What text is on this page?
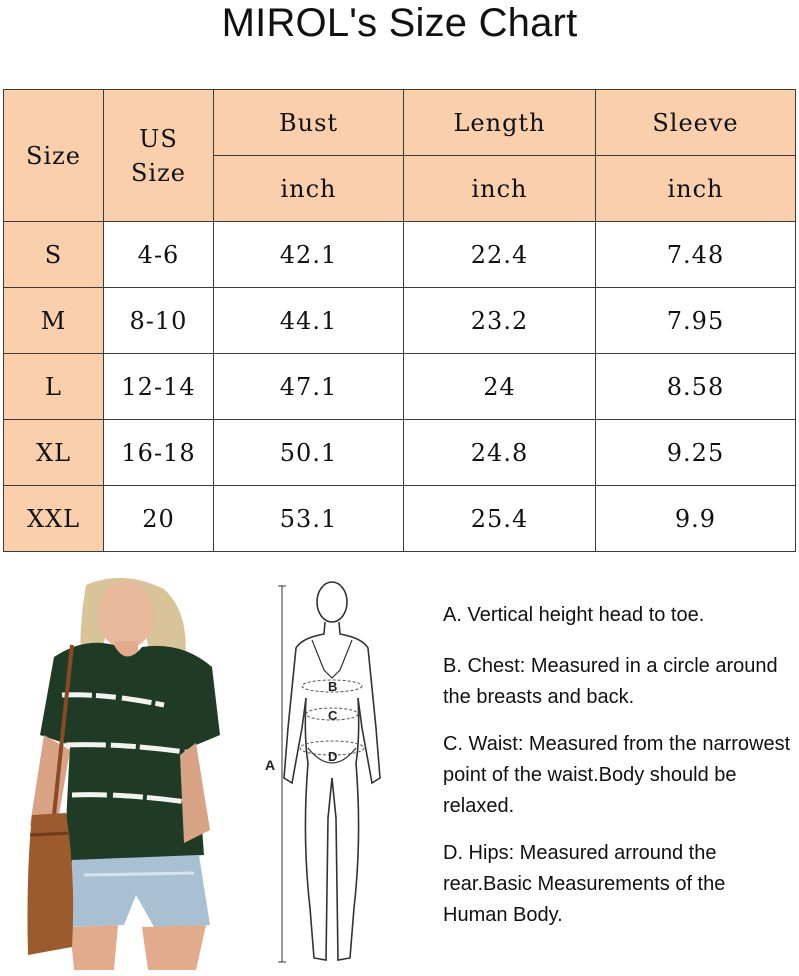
MIROL's Size Chart
Size	US Size	Bust	Length	Sleeve
		inch	inch	inch
S	4-6	42.1	22.4	7.48
M	8-10	44.1	23.2	7.95
L	12-14	47.1	24	8.58
XL	16-18	50.1	24.8	9.25
XXL	20	53.1	25.4	9.9
A
B
C
D

A. Vertical height head to toe.

B. Chest: Measured in a circle around the breasts and back.

C. Waist: Measured from the narrowest point of the waist.Body should be relaxed.

D. Hips: Measured arround the rear.Basic Measurements of the Human Body.
